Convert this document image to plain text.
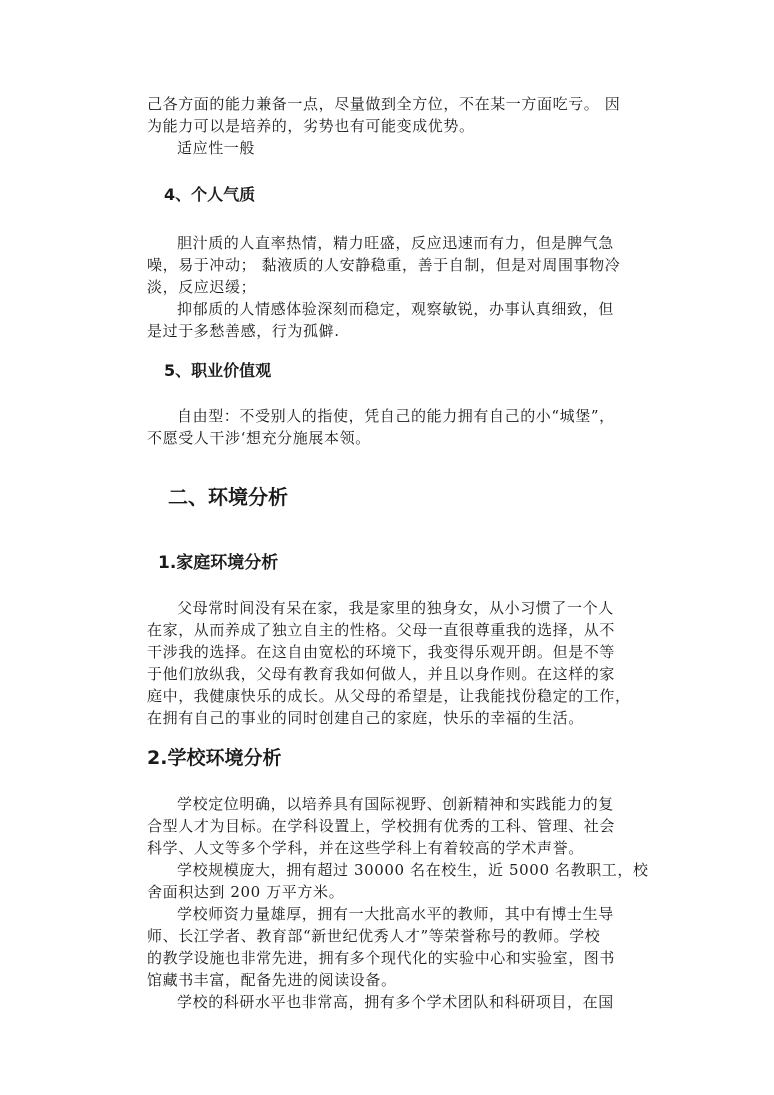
己各方面的能力兼备一点，尽量做到全方位，不在某一方面吃亏。 因
为能力可以是培养的，劣势也有可能变成优势。
适应性一般
4、个人气质
胆汁质的人直率热情，精力旺盛，反应迅速而有力，但是脾气急
噪，易于冲动； 黏液质的人安静稳重，善于自制，但是对周围事物冷
淡，反应迟缓；
抑郁质的人情感体验深刻而稳定，观察敏锐，办事认真细致，但
是过于多愁善感，行为孤僻.
5、职业价值观
自由型：不受别人的指使，凭自己的能力拥有自己的小“城堡”，
不愿受人干涉‘想充分施展本领。
二、环境分析
1.家庭环境分析
父母常时间没有呆在家，我是家里的独身女，从小习惯了一个人
在家，从而养成了独立自主的性格。父母一直很尊重我的选择，从不
干涉我的选择。在这自由宽松的环境下，我变得乐观开朗。但是不等
于他们放纵我，父母有教育我如何做人，并且以身作则。在这样的家
庭中，我健康快乐的成长。从父母的希望是，让我能找份稳定的工作，
在拥有自己的事业的同时创建自己的家庭，快乐的幸福的生活。
2.学校环境分析
学校定位明确，以培养具有国际视野、创新精神和实践能力的复
合型人才为目标。在学科设置上，学校拥有优秀的工科、管理、社会
科学、人文等多个学科，并在这些学科上有着较高的学术声誉。
学校规模庞大，拥有超过 30000 名在校生，近 5000 名教职工，校
舍面积达到 200 万平方米。
学校师资力量雄厚，拥有一大批高水平的教师，其中有博士生导
师、长江学者、教育部“新世纪优秀人才”等荣誉称号的教师。学校
的教学设施也非常先进，拥有多个现代化的实验中心和实验室，图书
馆藏书丰富，配备先进的阅读设备。
学校的科研水平也非常高，拥有多个学术团队和科研项目，在国
